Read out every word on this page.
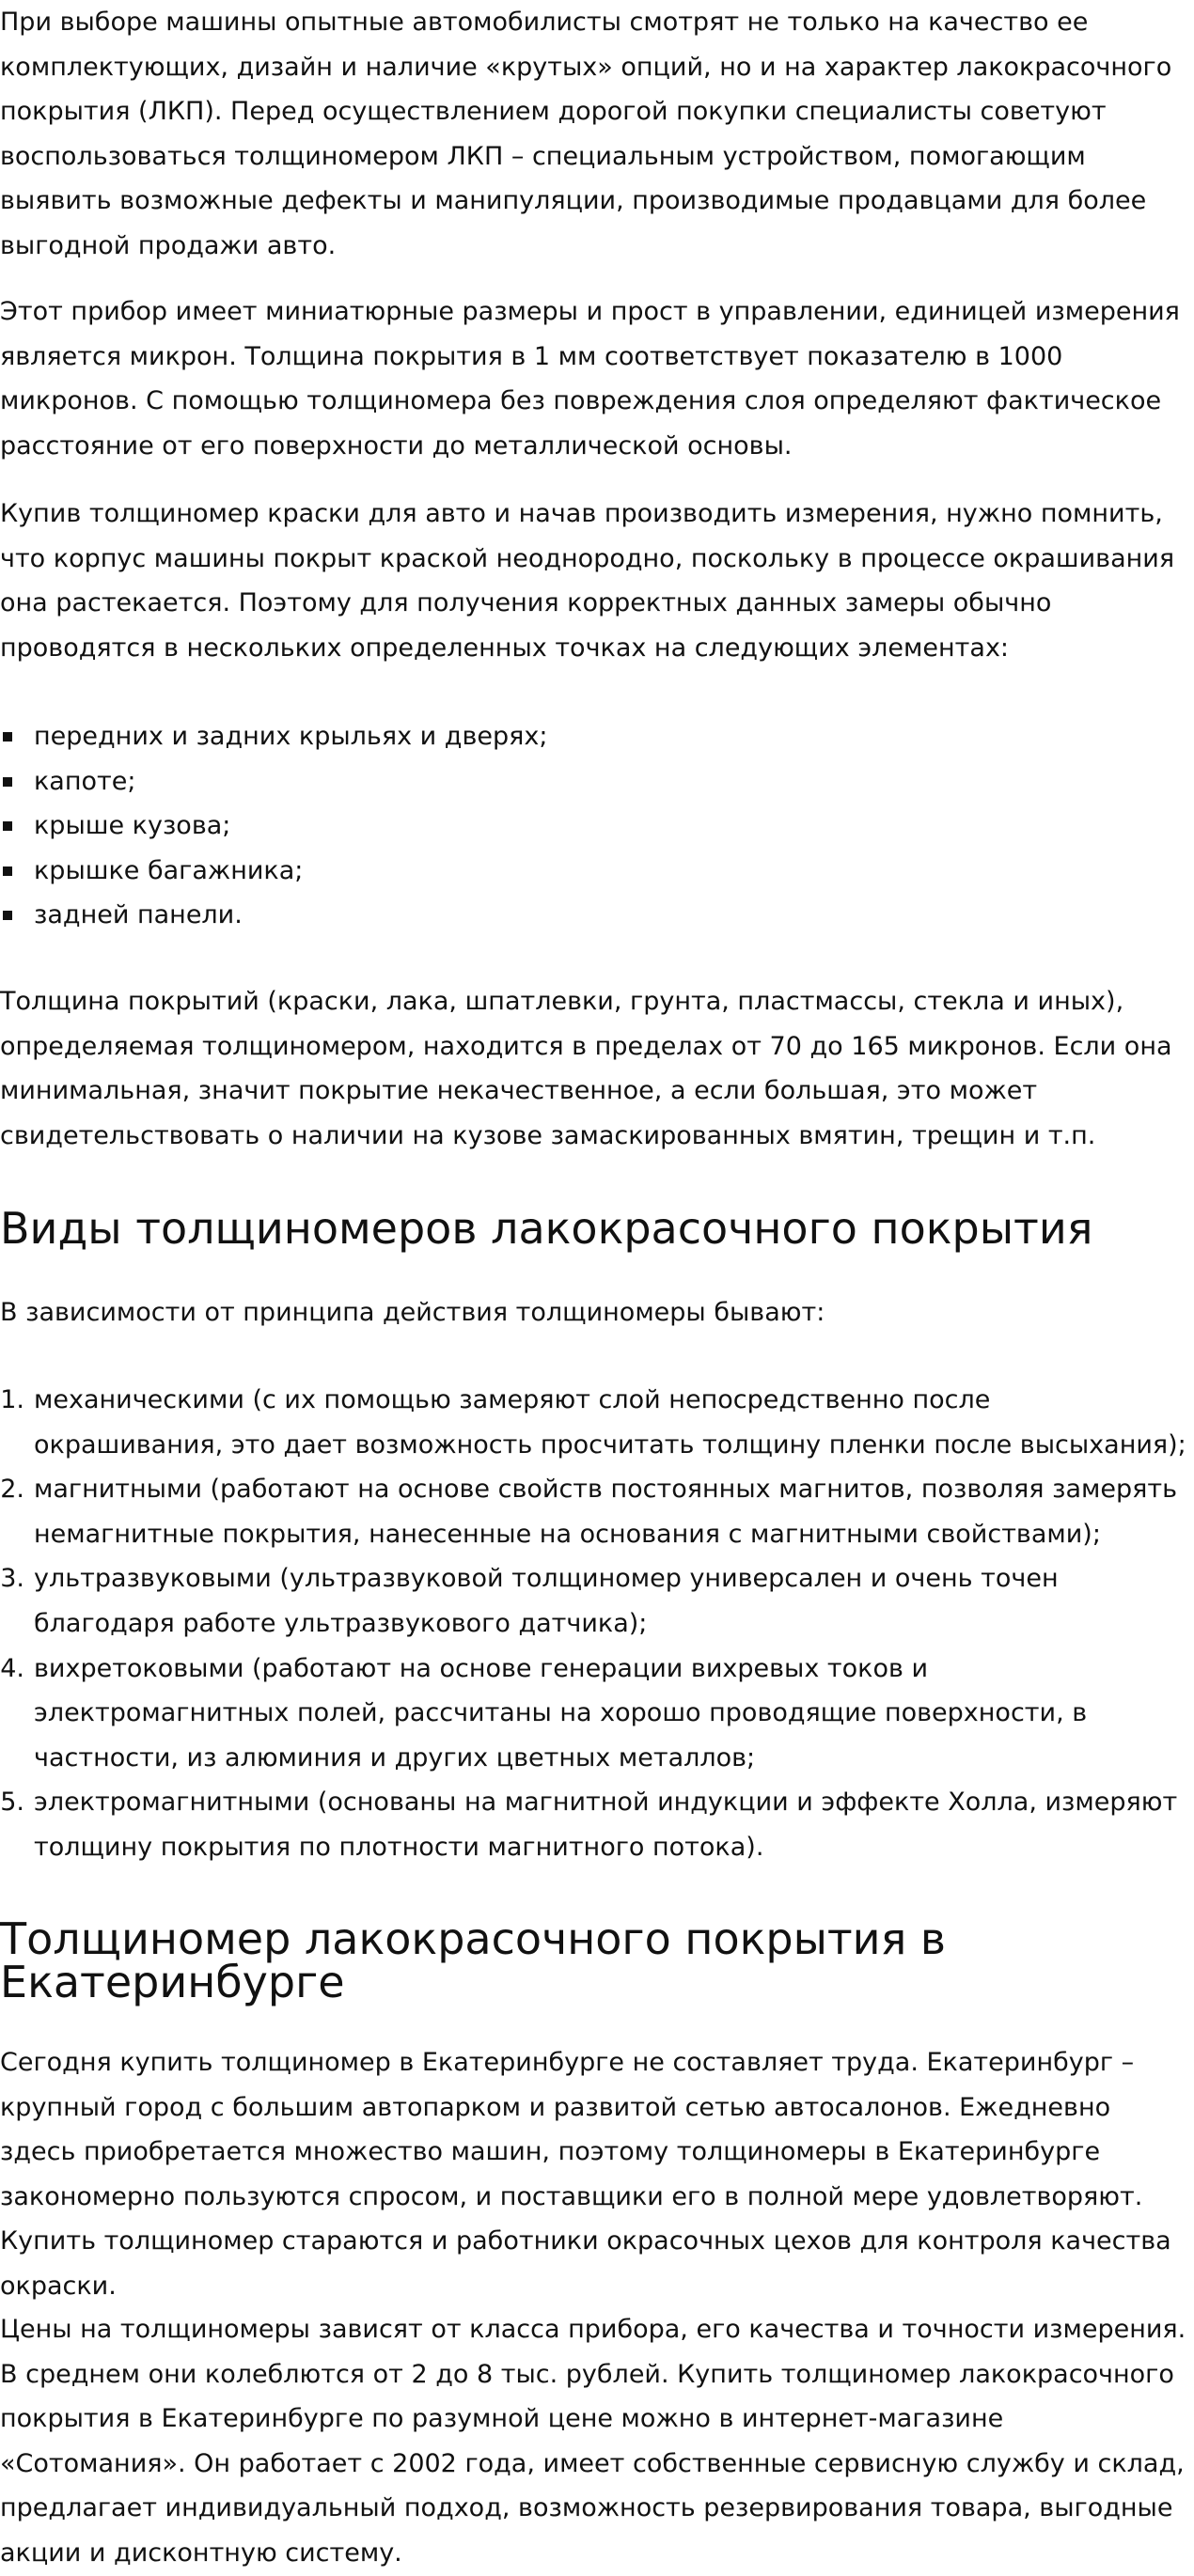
При выборе машины опытные автомобилисты смотрят не только на качество ее комплектующих, дизайн и наличие «крутых» опций, но и на характер лакокрасочного покрытия (ЛКП). Перед осуществлением дорогой покупки специалисты советуют воспользоваться толщиномером ЛКП – специальным устройством, помогающим выявить возможные дефекты и манипуляции, производимые продавцами для более выгодной продажи авто.

Этот прибор имеет миниатюрные размеры и прост в управлении, единицей измерения является микрон. Толщина покрытия в 1 мм соответствует показателю в 1000 микронов. С помощью толщиномера без повреждения слоя определяют фактическое расстояние от его поверхности до металлической основы.

Купив толщиномер краски для авто и начав производить измерения, нужно помнить, что корпус машины покрыт краской неоднородно, поскольку в процессе окрашивания она растекается. Поэтому для получения корректных данных замеры обычно проводятся в нескольких определенных точках на следующих элементах:

передних и задних крыльях и дверях;
капоте;
крыше кузова;
крышке багажника;
задней панели.

Толщина покрытий (краски, лака, шпатлевки, грунта, пластмассы, стекла и иных), определяемая толщиномером, находится в пределах от 70 до 165 микронов. Если она минимальная, значит покрытие некачественное, а если большая, это может свидетельствовать о наличии на кузове замаскированных вмятин, трещин и т.п.

Виды толщиномеров лакокрасочного покрытия

В зависимости от принципа действия толщиномеры бывают:

1. механическими (с их помощью замеряют слой непосредственно после окрашивания, это дает возможность просчитать толщину пленки после высыхания);
2. магнитными (работают на основе свойств постоянных магнитов, позволяя замерять немагнитные покрытия, нанесенные на основания с магнитными свойствами);
3. ультразвуковыми (ультразвуковой толщиномер универсален и очень точен благодаря работе ультразвукового датчика);
4. вихретоковыми (работают на основе генерации вихревых токов и электромагнитных полей, рассчитаны на хорошо проводящие поверхности, в частности, из алюминия и других цветных металлов;
5. электромагнитными (основаны на магнитной индукции и эффекте Холла, измеряют толщину покрытия по плотности магнитного потока).
Толщиномер лакокрасочного покрытия в Екатеринбурге

Сегодня купить толщиномер в Екатеринбурге не составляет труда. Екатеринбург – крупный город с большим автопарком и развитой сетью автосалонов. Ежедневно здесь приобретается множество машин, поэтому толщиномеры в Екатеринбурге закономерно пользуются спросом, и поставщики его в полной мере удовлетворяют. Купить толщиномер стараются и работники окрасочных цехов для контроля качества окраски.

Цены на толщиномеры зависят от класса прибора, его качества и точности измерения. В среднем они колеблются от 2 до 8 тыс. рублей. Купить толщиномер лакокрасочного покрытия в Екатеринбурге по разумной цене можно в интернет-магазине «Сотомания». Он работает с 2002 года, имеет собственные сервисную службу и склад, предлагает индивидуальный подход, возможность резервирования товара, выгодные акции и дисконтную систему.
